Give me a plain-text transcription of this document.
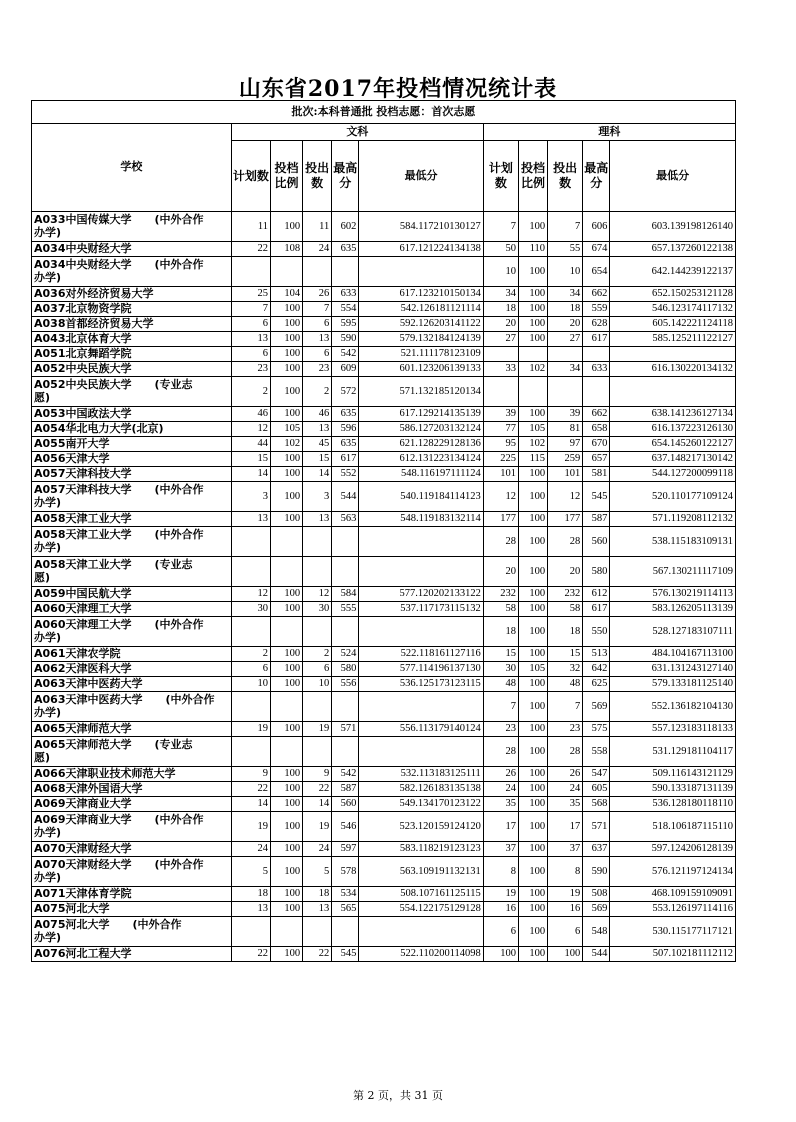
山东省2017年投档情况统计表
批次:本科普通批 投档志愿：首次志愿										
学校	文科					理科				
	计划数	投档比例	投出数	最高分	最低分	计划数	投档比例	投出数	最高分	最低分
A033中国传媒大学 (中外合作
办学)	11	100	11	602	584.117210130127	7	100	7	606	603.139198126140
A034中央财经大学	22	108	24	635	617.121224134138	50	110	55	674	657.137260122138
A034中央财经大学 (中外合作
办学)						10	100	10	654	642.144239122137
A036对外经济贸易大学	25	104	26	633	617.123210150134	34	100	34	662	652.150253121128
A037北京物资学院	7	100	7	554	542.126181121114	18	100	18	559	546.123174117132
A038首都经济贸易大学	6	100	6	595	592.126203141122	20	100	20	628	605.142221124118
A043北京体育大学	13	100	13	590	579.132184124139	27	100	27	617	585.125211122127
A051北京舞蹈学院	6	100	6	542	521.111178123109					
A052中央民族大学	23	100	23	609	601.123206139133	33	102	34	633	616.130220134132
A052中央民族大学 (专业志
愿)	2	100	2	572	571.132185120134					
A053中国政法大学	46	100	46	635	617.129214135139	39	100	39	662	638.141236127134
A054华北电力大学(北京)	12	105	13	596	586.127203132124	77	105	81	658	616.137223126130
A055南开大学	44	102	45	635	621.128229128136	95	102	97	670	654.145260122127
A056天津大学	15	100	15	617	612.131223134124	225	115	259	657	637.148217130142
A057天津科技大学	14	100	14	552	548.116197111124	101	100	101	581	544.127200099118
A057天津科技大学 (中外合作
办学)	3	100	3	544	540.119184114123	12	100	12	545	520.110177109124
A058天津工业大学	13	100	13	563	548.119183132114	177	100	177	587	571.119208112132
A058天津工业大学 (中外合作
办学)						28	100	28	560	538.115183109131
A058天津工业大学 (专业志
愿)						20	100	20	580	567.130211117109
A059中国民航大学	12	100	12	584	577.120202133122	232	100	232	612	576.130219114113
A060天津理工大学	30	100	30	555	537.117173115132	58	100	58	617	583.126205113139
A060天津理工大学 (中外合作
办学)						18	100	18	550	528.127183107111
A061天津农学院	2	100	2	524	522.118161127116	15	100	15	513	484.104167113100
A062天津医科大学	6	100	6	580	577.114196137130	30	105	32	642	631.131243127140
A063天津中医药大学	10	100	10	556	536.125173123115	48	100	48	625	579.133181125140
A063天津中医药大学 (中外合作
办学)						7	100	7	569	552.136182104130
A065天津师范大学	19	100	19	571	556.113179140124	23	100	23	575	557.123183118133
A065天津师范大学 (专业志
愿)						28	100	28	558	531.129181104117
A066天津职业技术师范大学	9	100	9	542	532.113183125111	26	100	26	547	509.116143121129
A068天津外国语大学	22	100	22	587	582.126183135138	24	100	24	605	590.133187131139
A069天津商业大学	14	100	14	560	549.134170123122	35	100	35	568	536.128180118110
A069天津商业大学 (中外合作
办学)	19	100	19	546	523.120159124120	17	100	17	571	518.106187115110
A070天津财经大学	24	100	24	597	583.118219123123	37	100	37	637	597.124206128139
A070天津财经大学 (中外合作
办学)	5	100	5	578	563.109191132131	8	100	8	590	576.121197124134
A071天津体育学院	18	100	18	534	508.107161125115	19	100	19	508	468.109159109091
A075河北大学	13	100	13	565	554.122175129128	16	100	16	569	553.126197114116
A075河北大学 (中外合作
办学)						6	100	6	548	530.115177117121
A076河北工程大学	22	100	22	545	522.110200114098	100	100	100	544	507.102181112112
第 2 页，共 31 页
